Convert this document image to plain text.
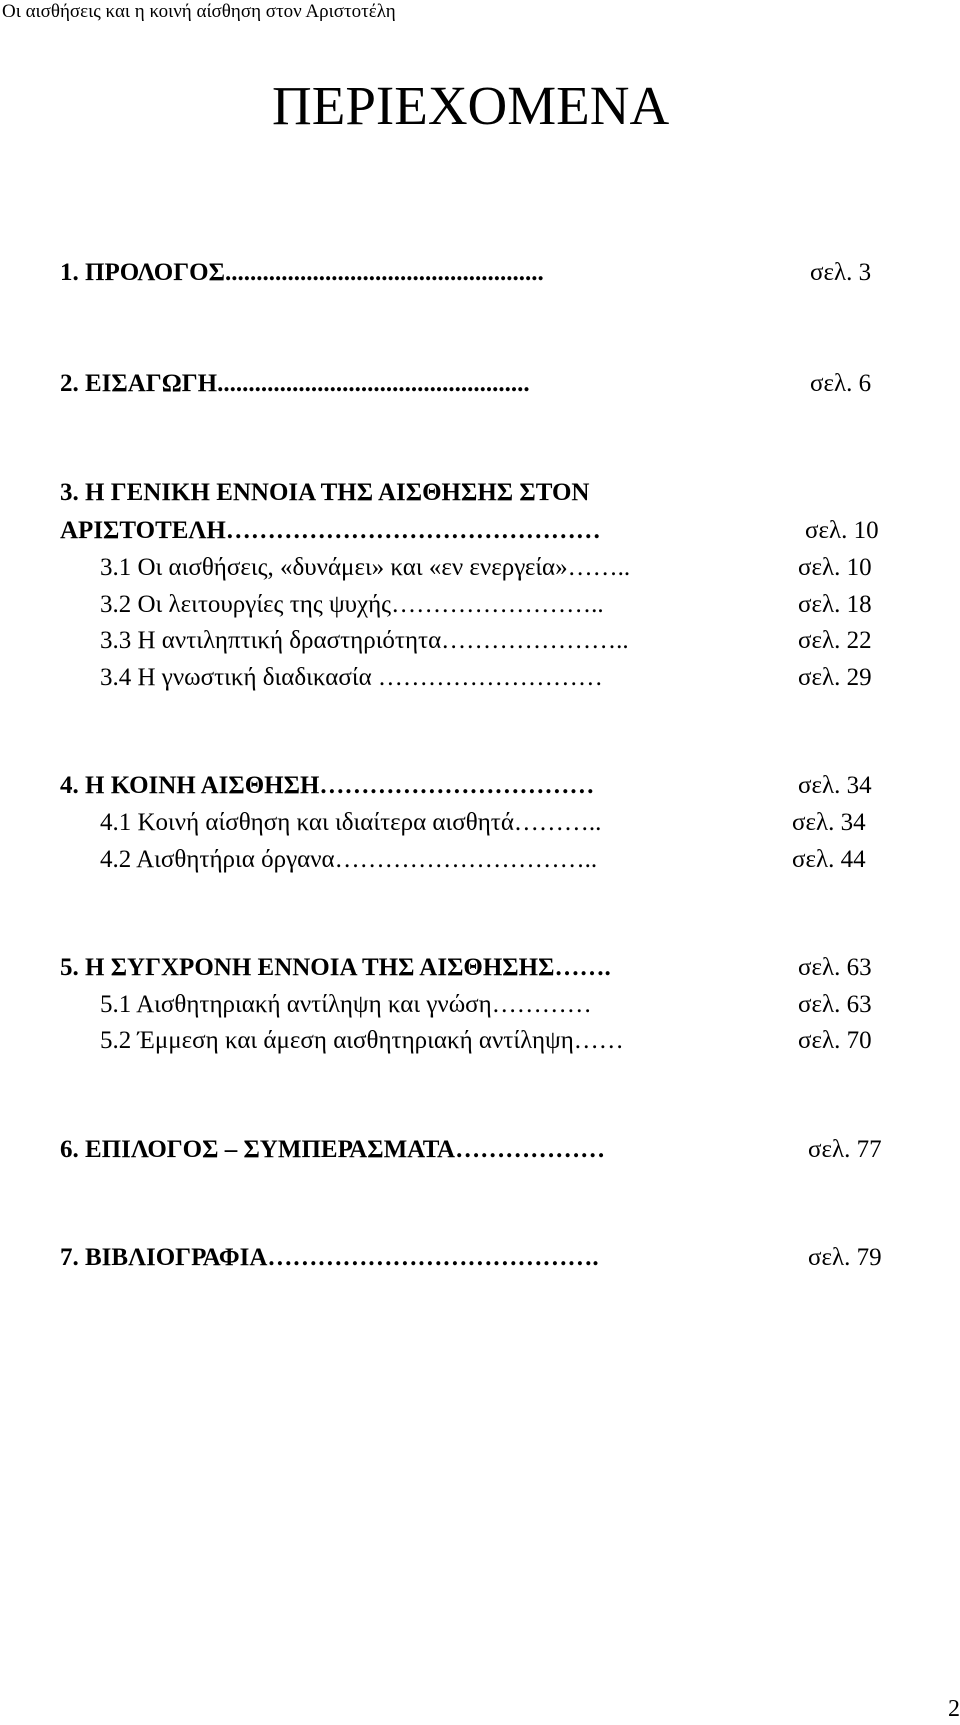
Οι αισθήσεις και η κοινή αίσθηση στον Αριστοτέλη
ΠΕΡΙΕΧΟΜΕΝΑ
1. ΠΡΟΛΟΓΟΣ...................................................	σελ. 3
2. ΕΙΣΑΓΩΓΗ..................................................	σελ. 6
3. Η ΓΕΝΙΚΗ ΕΝΝΟΙΑ ΤΗΣ ΑΙΣΘΗΣΗΣ ΣΤΟΝ
ΑΡΙΣΤΟΤΕΛΗ………………………………………	σελ. 10
3.1 Οι αισθήσεις, «δυνάμει» και «εν ενεργεία»……..	σελ. 10
3.2 Οι λειτουργίες της ψυχής……………………..	σελ. 18
3.3 Η αντιληπτική δραστηριότητα…………………..	σελ. 22
3.4 Η γνωστική διαδικασία ………………………	σελ. 29
4. Η ΚΟΙΝΗ ΑΙΣΘΗΣΗ……………………………	σελ. 34
4.1 Κοινή αίσθηση και ιδιαίτερα αισθητά………..	σελ. 34
4.2 Αισθητήρια όργανα…………………………..	σελ. 44
5. Η ΣΥΓΧΡΟΝΗ ΕΝΝΟΙΑ ΤΗΣ ΑΙΣΘΗΣΗΣ…….	σελ. 63
5.1 Αισθητηριακή αντίληψη και γνώση…………	σελ. 63
5.2 Έμμεση και άμεση αισθητηριακή αντίληψη……	σελ. 70
6. ΕΠΙΛΟΓΟΣ – ΣΥΜΠΕΡΑΣΜΑΤΑ………………	σελ. 77
7. ΒΙΒΛΙΟΓΡΑΦΙΑ………………………………….	σελ. 79
2
